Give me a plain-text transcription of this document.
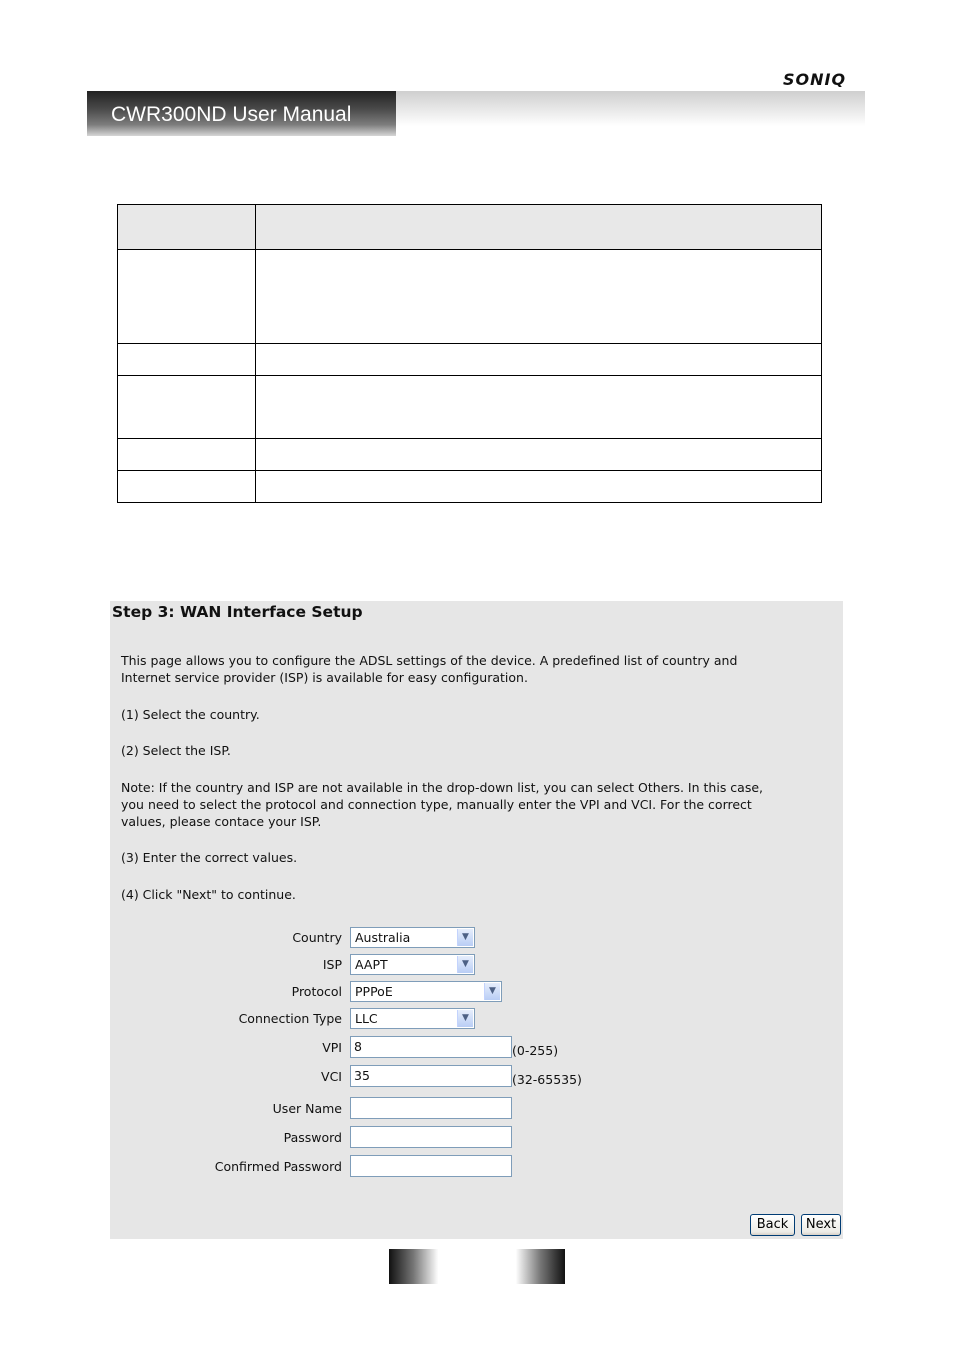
SONIQ
CWR300ND User Manual

Step 3: WAN Interface Setup
This page allows you to configure the ADSL settings of the device. A predefined list of country and Internet service provider (ISP) is available for easy configuration.
(1) Select the country.
(2) Select the ISP.
Note: If the country and ISP are not available in the drop-down list, you can select Others. In this case, you need to select the protocol and connection type, manually enter the VPI and VCI. For the correct values, please contace your ISP.
(3) Enter the correct values.
(4) Click "Next" to continue.
Country	Australia	▼
ISP	AAPT	▼
Protocol	PPPoE	▼
Connection Type	LLC	▼
VPI 8	(0-255)
VCI 35	(32-65535)
User Name
Password
Confirmed Password
Back	Next
